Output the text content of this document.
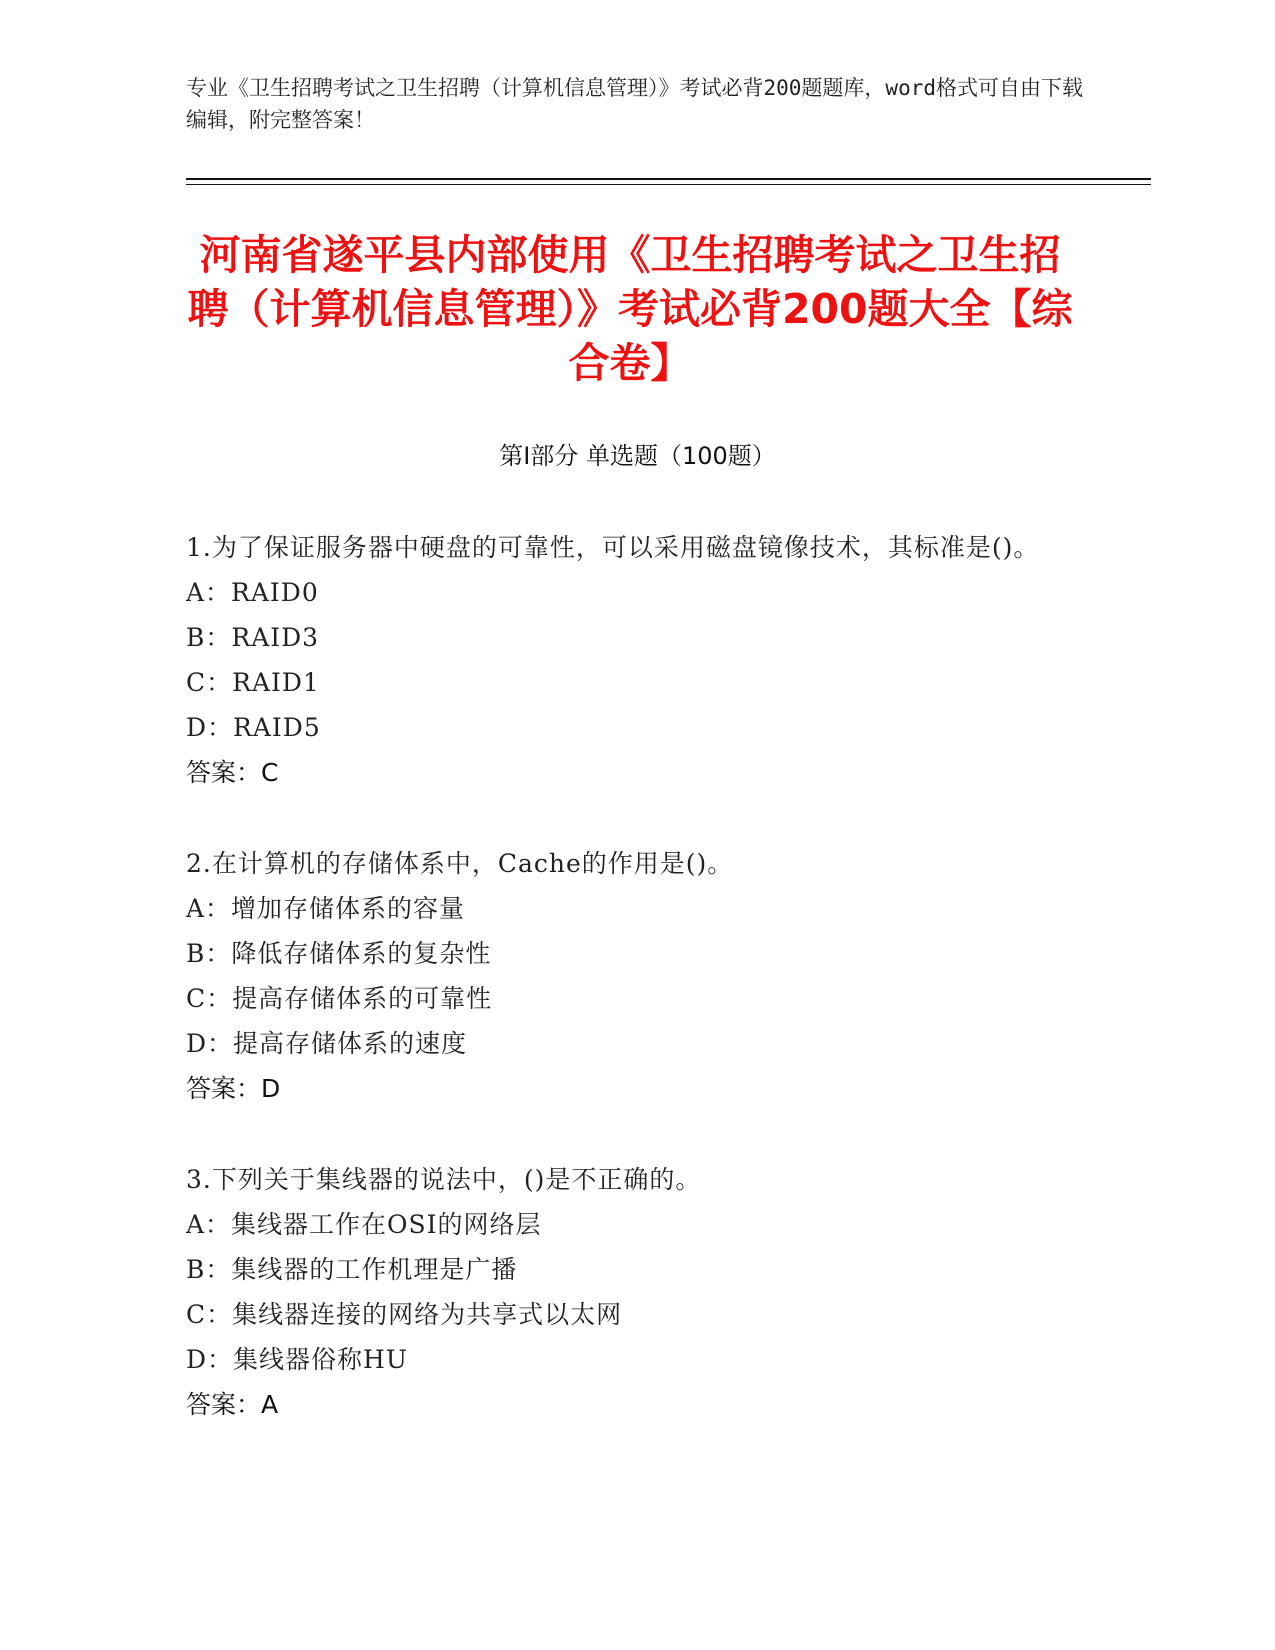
专业《卫生招聘考试之卫生招聘（计算机信息管理）》考试必背200题题库，word格式可自由下载编辑，附完整答案！
河南省遂平县内部使用《卫生招聘考试之卫生招聘（计算机信息管理）》考试必背200题大全【综合卷】
第Ⅰ部分 单选题（100题）

1.为了保证服务器中硬盘的可靠性，可以采用磁盘镜像技术，其标准是()。

A：RAID0

B：RAID3

C：RAID1

D：RAID5

答案：C

2.在计算机的存储体系中，Cache的作用是()。

A：增加存储体系的容量

B：降低存储体系的复杂性

C：提高存储体系的可靠性

D：提高存储体系的速度

答案：D

3.下列关于集线器的说法中，()是不正确的。

A：集线器工作在OSI的网络层

B：集线器的工作机理是广播

C：集线器连接的网络为共享式以太网

D：集线器俗称HU

答案：A
